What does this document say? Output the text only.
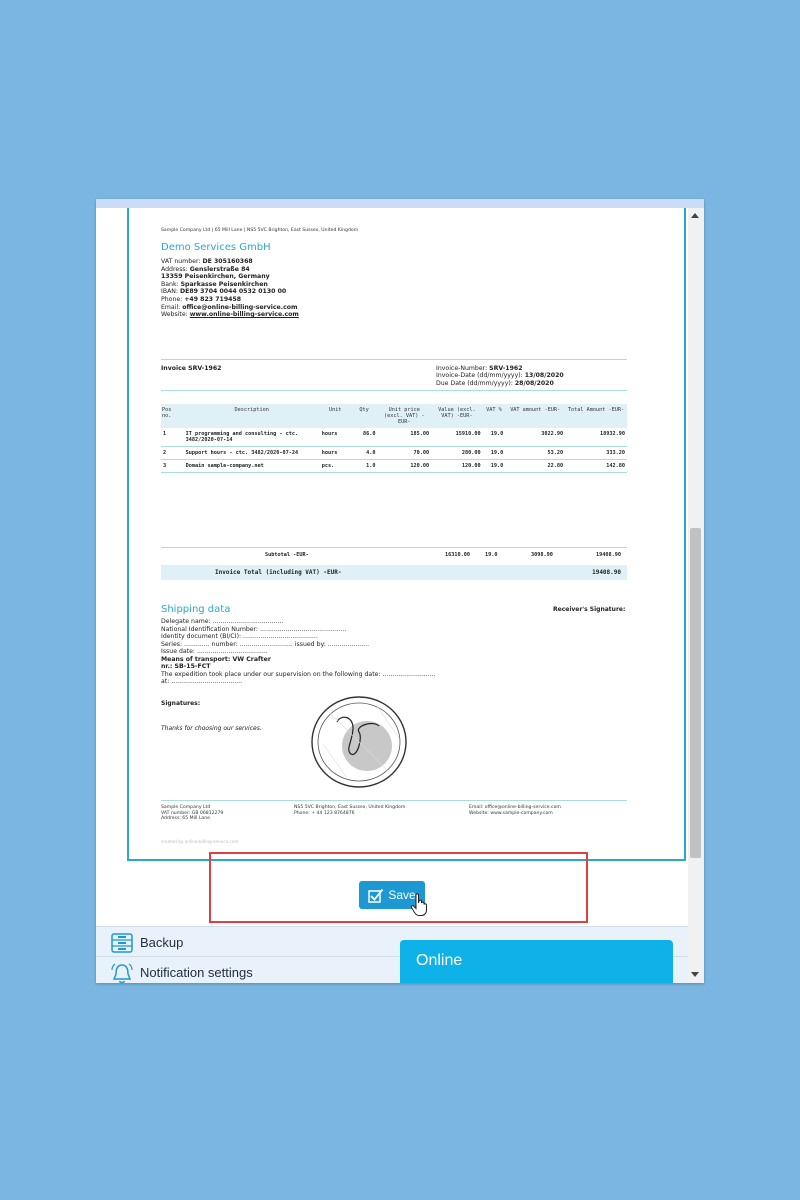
Sample Company Ltd | 65 Mill Lane | NS5 5VC Brighton, East Sussex, United Kingdom
Demo Services GmbH
VAT number: DE 305160368
Address: Genslerstraße 84
13359 Peisenkirchen, Germany
Bank: Sparkasse Peisenkirchen
IBAN: DE89 3704 0044 0532 0130 00
Phone: +49 823 719458
Email: office@online-billing-service.com
Website: www.online-billing-service.com
Invoice SRV-1962	Invoice-Number: SRV-1962
Invoice-Date (dd/mm/yyyy): 13/08/2020
Due Date (dd/mm/yyyy): 28/08/2020
Pos no.	Description	Unit	Qty	Unit price (excl. VAT) -EUR-	Value (excl. VAT) -EUR-	VAT %	VAT amount -EUR-	Total Amount -EUR-
1	IT programming and consulting - ctc. 3482/2020-07-14	hours	86.0	185.00	15910.00	19.0	3022.90	18932.90
2	Support hours - ctc. 3482/2020-07-24	hours	4.0	70.00	280.00	19.0	53.20	333.20
3	Domain sample-company.net	pcs.	1.0	120.00	120.00	19.0	22.80	142.80
Subtotal -EUR-	16310.00	19.0	3098.90	19408.90
Invoice Total (including VAT) -EUR-	19408.90
Shipping data	Receiver's Signature:
Delegate name: ....................................
National Identification Number: ............................................
Identity document (BI/CI): ......................................
Series: ............. number: ........................... issued by: .....................
Issue date: ....................................
Means of transport: VW Crafter
nr.: SB-15-FCT
The expedition took place under our supervision on the following date: ...........................
at: ....................................
Signatures:
Thanks for choosing our services.
Sample Company Ltd
VAT number: GB 06812279
Address: 65 Mill Lane
NS5 5VC Brighton, East Sussex, United Kingdom
Phone: + 44 123 8764876
Email: office@online-billing-service.com
Website: www.sample-company.com
created by online-billing-service.com
Save
Backup
Notification settings
Online
